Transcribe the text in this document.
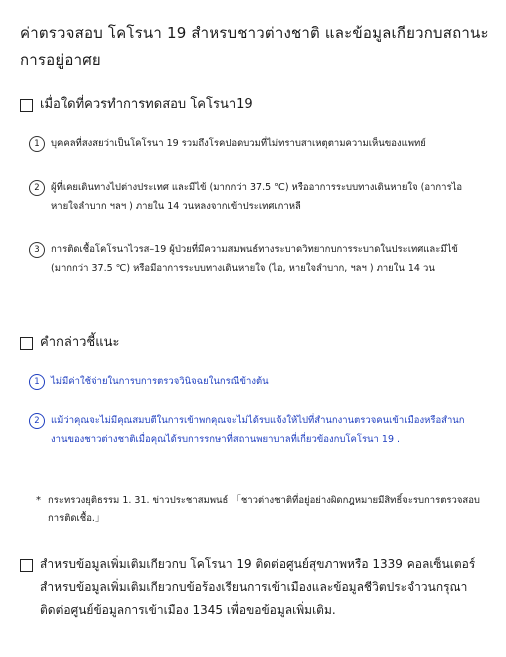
ค่าตรวจสอบ โคโรนา 19 สำหรบชาวต่างชาติ และข้อมูลเกียวกบสถานะการอยู่อาศย
เมื่อใดที่ควรทำการทดสอบ โคโรนา19
1	บุคคลที่สงสยว่าเป็นโคโรนา 19 รวมถึงโรคปอดบวมที่ไม่ทราบสาเหตุตามความเห็นของแพทย์
2	ผู้ที่เคยเดินทางไปต่างประเทศ และมีไข้ (มากกว่า 37.5 ℃) หรืออาการระบบทางเดินหายใจ (อาการไอหายใจลำบาก ฯลฯ ) ภายใน 14 วนหลงจากเข้าประเทศเกาหลี
3	การติดเชื้อโคโรนาไวรส–19 ผู้ป่วยที่มีความสมพนธ์ทางระบาดวิทยากบการระบาดในประเทศและมีไข้ (มากกว่า 37.5 ℃) หรือมีอาการระบบทางเดินหายใจ (ไอ, หายใจลำบาก, ฯลฯ ) ภายใน 14 วน
คำกล่าวชี้แนะ
1	ไม่มีค่าใช้จ่ายในการบการตรวจวินิจฉยในกรณีข้างต้น
2	แม้ว่าคุณจะไม่มีคุณสมบตีในการเข้าพกคุณจะไม่ได้รบแจ้งให้ไปที่สำนกงานตรวจคนเข้าเมืองหรือสำนกงานของชาวต่างชาติเมื่อคุณได้รบการรกษาที่สถานพยาบาลที่เกี่ยวข้องกบโคโรนา 19 .
* กระทรวงยุติธรรม 1. 31. ข่าวประชาสมพนธ์ 「ชาวต่างชาติที่อยู่อย่างผิดกฎหมายมีสิทธิ์จะรบการตรวจสอบการติดเชื้อ.」
สำหรบข้อมูลเพิ่มเติมเกียวกบ โคโรนา 19 ติดต่อศูนย์สุขภาพหรือ 1339 คอลเซ็นเตอร์ สำหรบข้อมูลเพิ่มเติมเกียวกบข้อร้องเรียนการเข้าเมืองและข้อมูลชีวิตประจำวนกรุณาติดต่อศูนย์ข้อมูลการเข้าเมือง 1345 เพื่อขอข้อมูลเพิ่มเติม.
